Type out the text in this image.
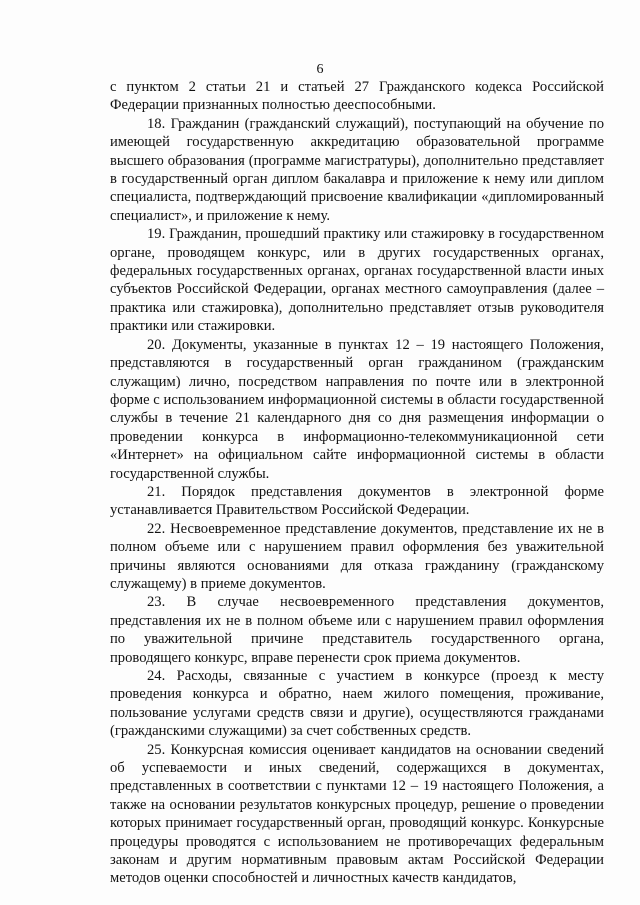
6

с пунктом 2 статьи 21 и статьей 27 Гражданского кодекса Российской Федерации признанных полностью дееспособными.

18. Гражданин (гражданский служащий), поступающий на обучение по имеющей государственную аккредитацию образовательной программе высшего образования (программе магистратуры), дополнительно представляет в государственный орган диплом бакалавра и приложение к нему или диплом специалиста, подтверждающий присвоение квалификации «дипломированный специалист», и приложение к нему.

19. Гражданин, прошедший практику или стажировку в государственном органе, проводящем конкурс, или в других государственных органах, федеральных государственных органах, органах государственной власти иных субъектов Российской Федерации, органах местного самоуправления (далее – практика или стажировка), дополнительно представляет отзыв руководителя практики или стажировки.

20. Документы, указанные в пунктах 12 – 19 настоящего Положения, представляются в государственный орган гражданином (гражданским служащим) лично, посредством направления по почте или в электронной форме с использованием информационной системы в области государственной службы в течение 21 календарного дня со дня размещения информации о проведении конкурса в информационно-телекоммуникационной сети «Интернет» на официальном сайте информационной системы в области государственной службы.

21. Порядок представления документов в электронной форме устанавливается Правительством Российской Федерации.

22. Несвоевременное представление документов, представление их не в полном объеме или с нарушением правил оформления без уважительной причины являются основаниями для отказа гражданину (гражданскому служащему) в приеме документов.

23. В случае несвоевременного представления документов, представления их не в полном объеме или с нарушением правил оформления по уважительной причине представитель государственного органа, проводящего конкурс, вправе перенести срок приема документов.

24. Расходы, связанные с участием в конкурсе (проезд к месту проведения конкурса и обратно, наем жилого помещения, проживание, пользование услугами средств связи и другие), осуществляются гражданами (гражданскими служащими) за счет собственных средств.

25. Конкурсная комиссия оценивает кандидатов на основании сведений об успеваемости и иных сведений, содержащихся в документах, представленных в соответствии с пунктами 12 – 19 настоящего Положения, а также на основании результатов конкурсных процедур, решение о проведении которых принимает государственный орган, проводящий конкурс. Конкурсные процедуры проводятся с использованием не противоречащих федеральным законам и другим нормативным правовым актам Российской Федерации методов оценки способностей и личностных качеств кандидатов,
